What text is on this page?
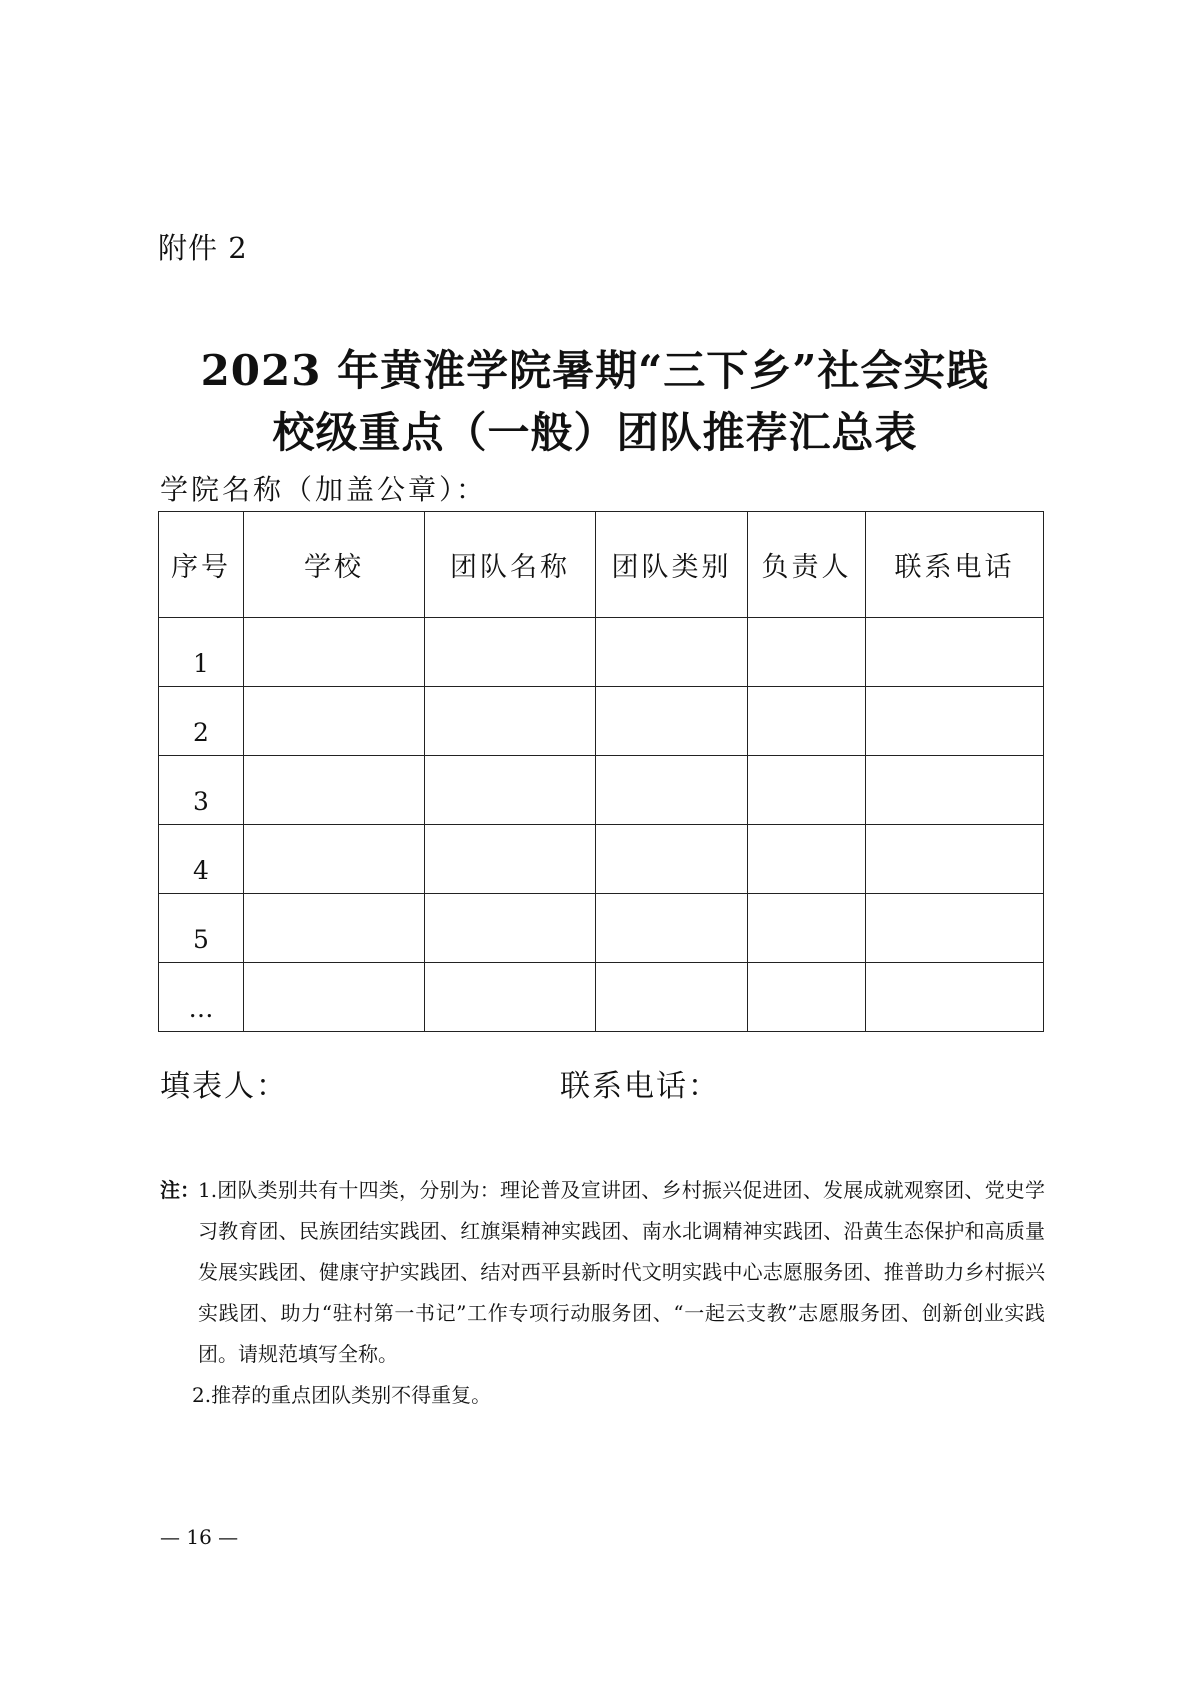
附件 2
2023 年黄淮学院暑期“三下乡”社会实践
校级重点（一般）团队推荐汇总表
学院名称（加盖公章）：
序号	学校	团队名称	团队类别	负责人	联系电话
1					
2					
3					
4					
5					
…					
填表人：	联系电话：
注：
1.团队类别共有十四类，分别为：理论普及宣讲团、乡村振兴促进团、发展成就观察团、党史学习教育团、民族团结实践团、红旗渠精神实践团、南水北调精神实践团、沿黄生态保护和高质量发展实践团、健康守护实践团、结对西平县新时代文明实践中心志愿服务团、推普助力乡村振兴实践团、助力“驻村第一书记”工作专项行动服务团、“一起云支教”志愿服务团、创新创业实践团。请规范填写全称。
2.推荐的重点团队类别不得重复。
— 16 —
